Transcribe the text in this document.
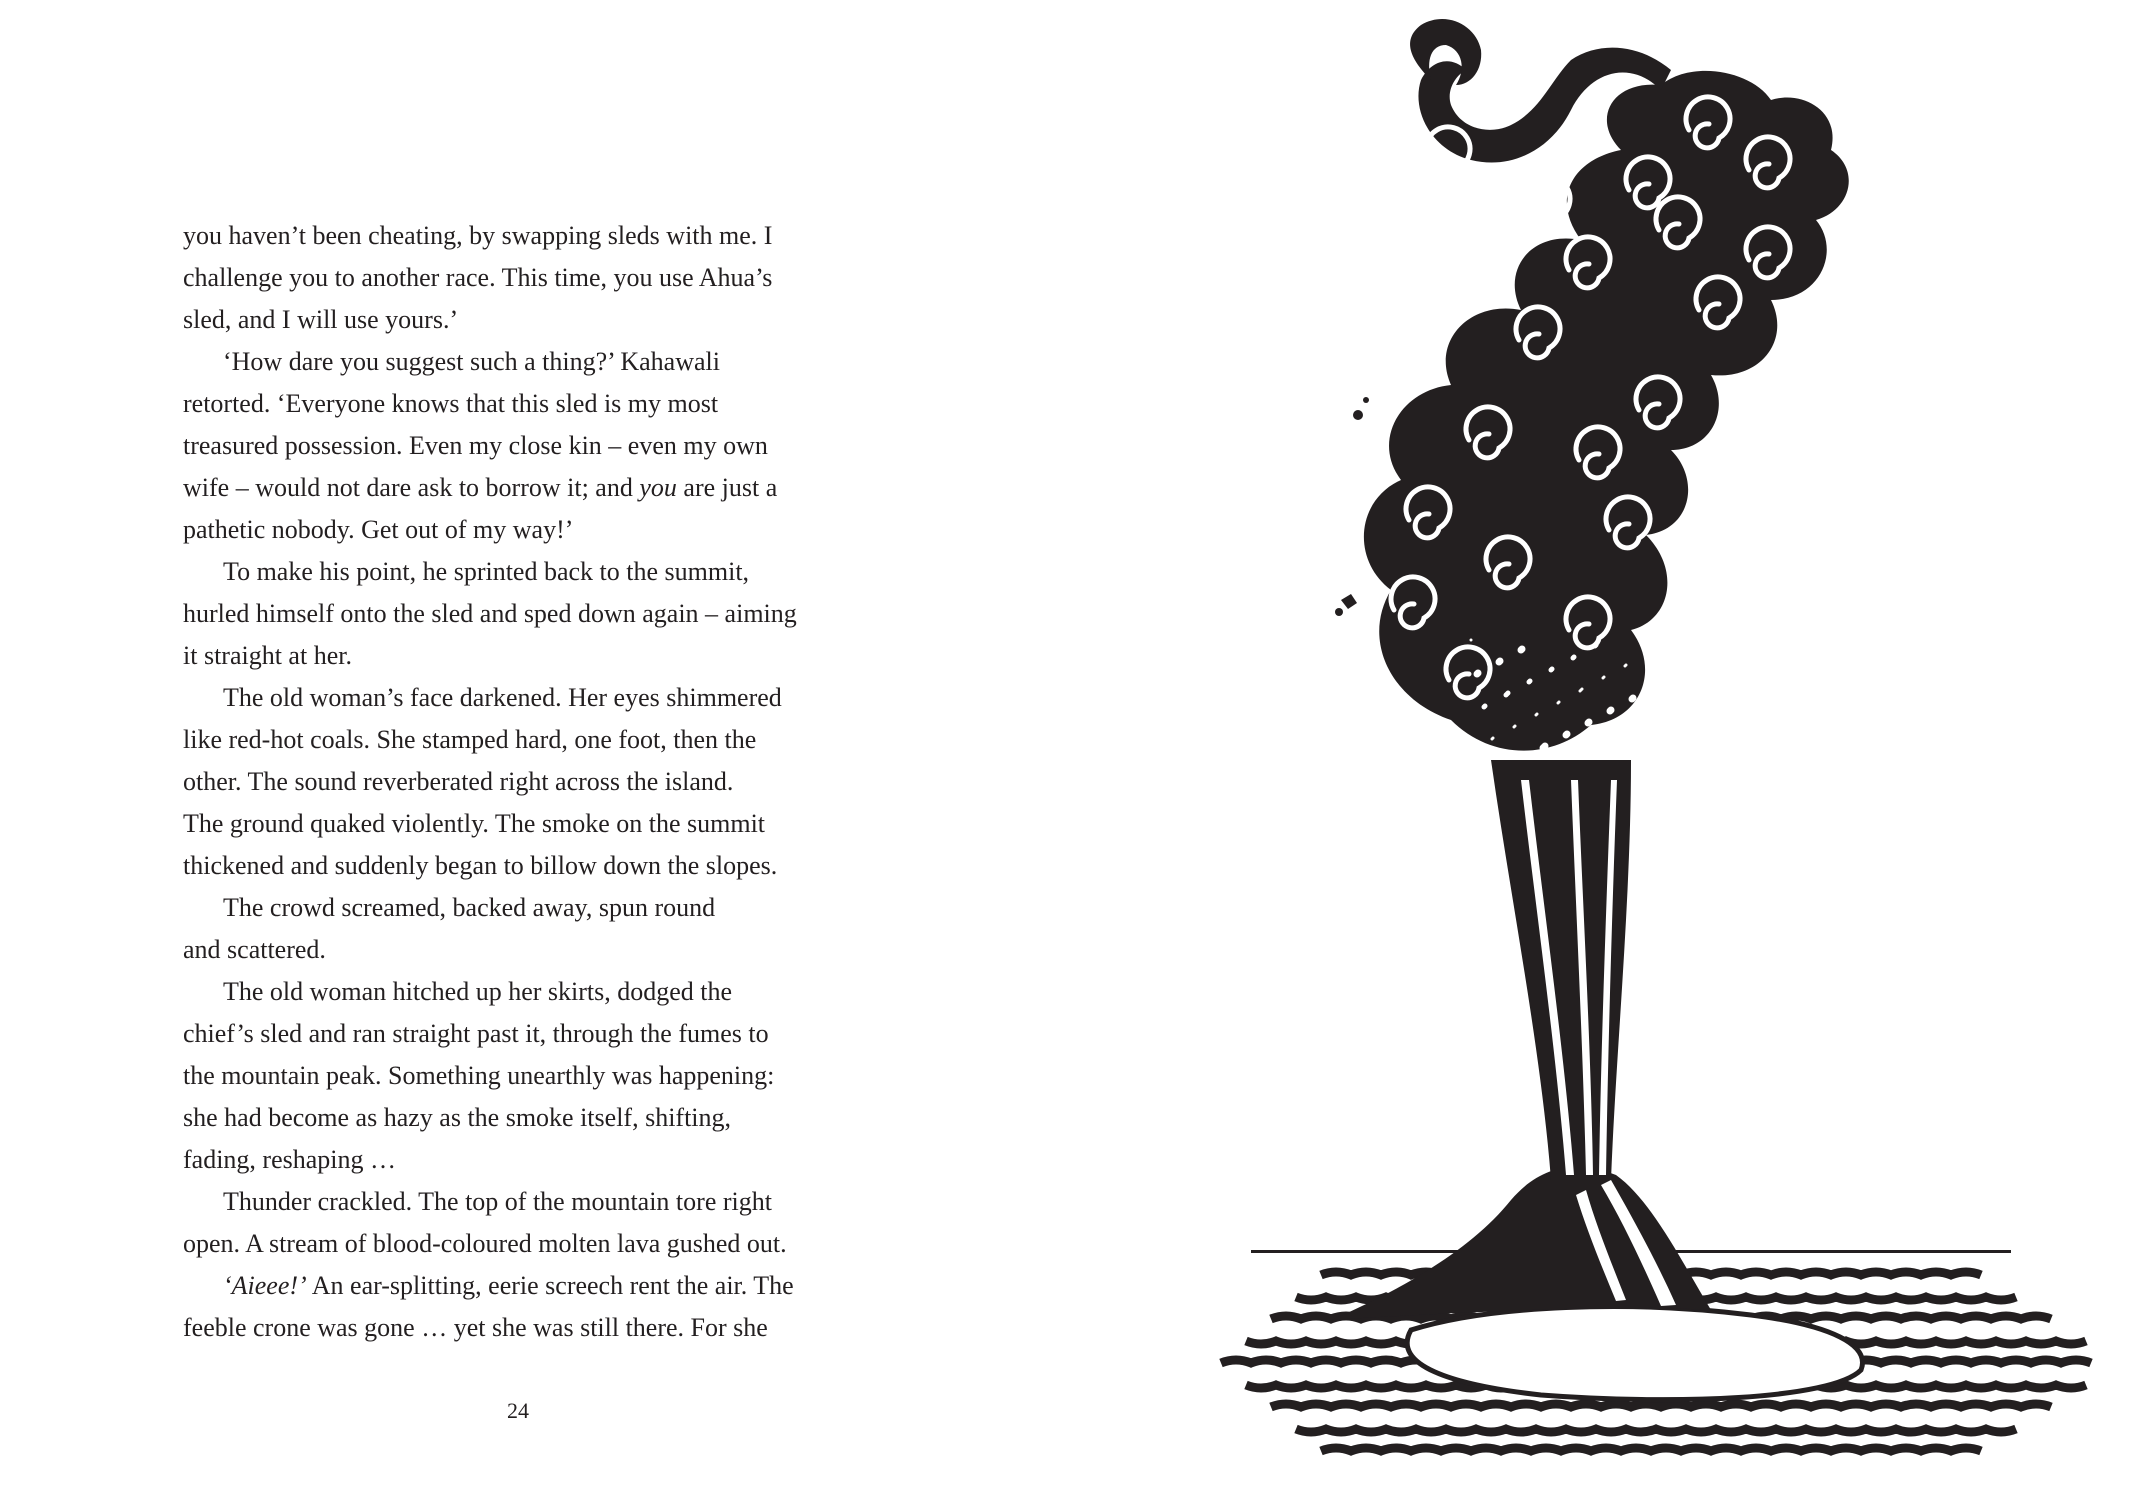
you haven’t been cheating, by swapping sleds with me. I
challenge you to another race. This time, you use Ahua’s
sled, and I will use yours.’
‘How dare you suggest such a thing?’ Kahawali
retorted. ‘Everyone knows that this sled is my most
treasured possession. Even my close kin – even my own
wife – would not dare ask to borrow it; and you are just a
pathetic nobody. Get out of my way!’
To make his point, he sprinted back to the summit,
hurled himself onto the sled and sped down again – aiming
it straight at her.
The old woman’s face darkened. Her eyes shimmered
like red-hot coals. She stamped hard, one foot, then the
other. The sound reverberated right across the island.
The ground quaked violently. The smoke on the summit
thickened and suddenly began to billow down the slopes.
The crowd screamed, backed away, spun round
and scattered.
The old woman hitched up her skirts, dodged the
chief’s sled and ran straight past it, through the fumes to
the mountain peak. Something unearthly was happening:
she had become as hazy as the smoke itself, shifting,
fading, reshaping …
Thunder crackled. The top of the mountain tore right
open. A stream of blood-coloured molten lava gushed out.
‘Aieee!’ An ear-splitting, eerie screech rent the air. The
feeble crone was gone … yet she was still there. For she
24
